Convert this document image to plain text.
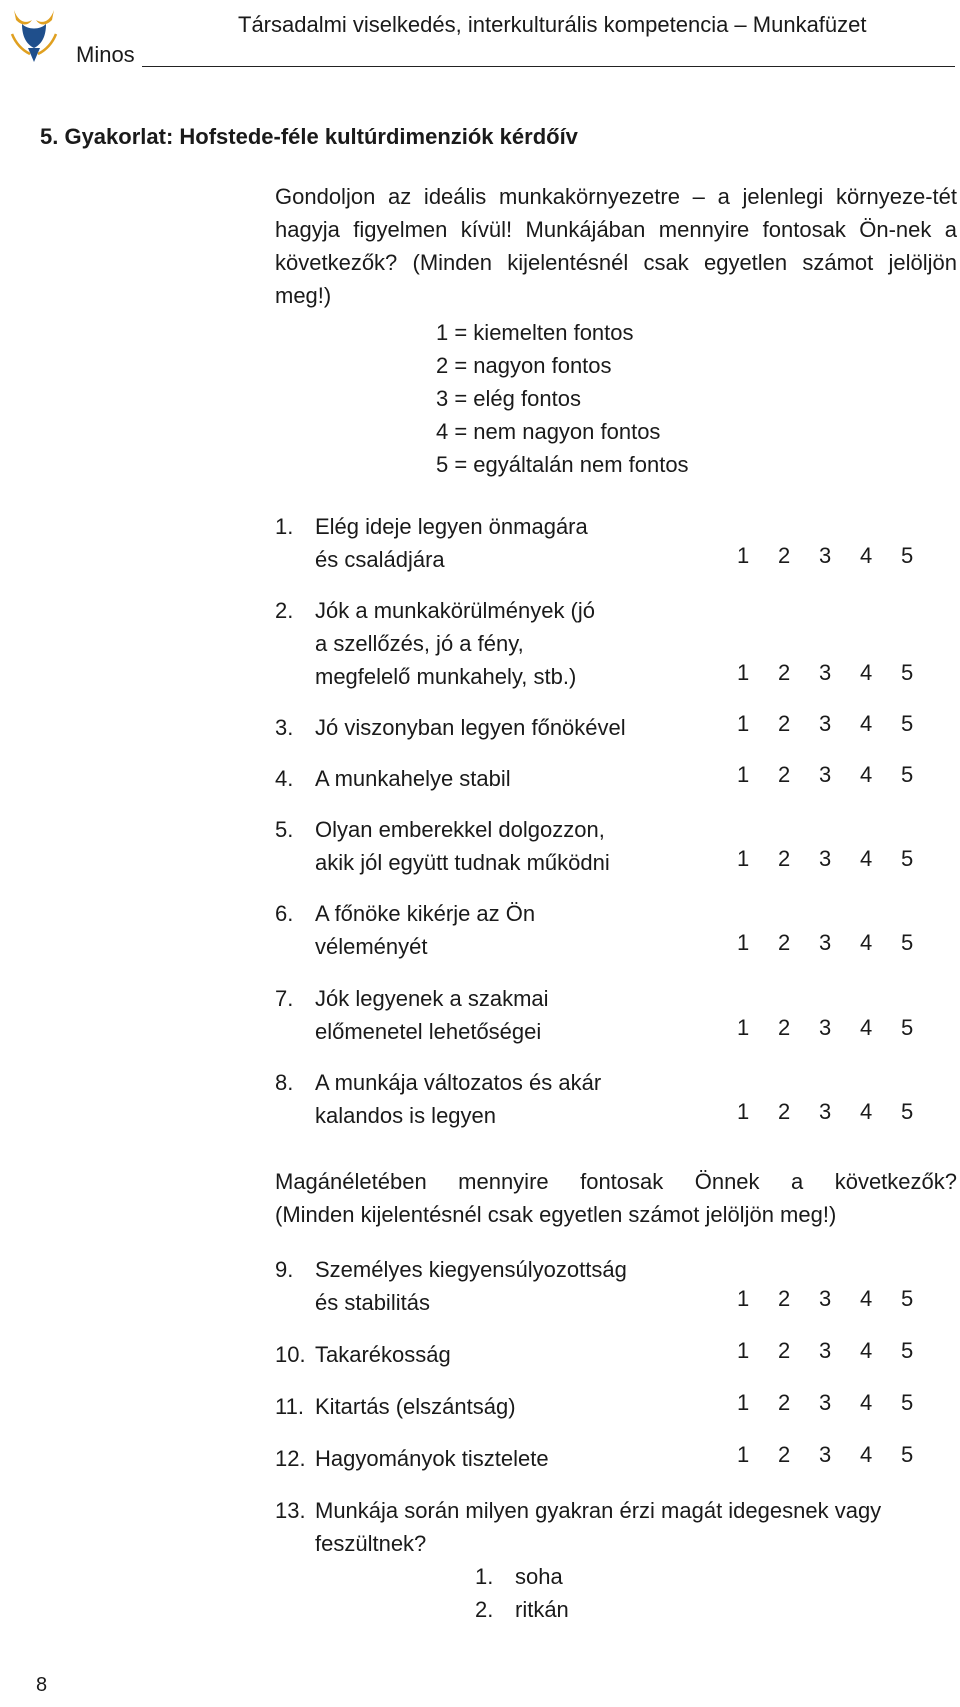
Társadalmi viselkedés, interkulturális kompetencia – Munkafüzet
Minos
5. Gyakorlat: Hofstede-féle kultúrdimenziók kérdőív

Gondoljon az ideális munkakörnyezetre – a jelenlegi környeze-tét hagyja figyelmen kívül! Munkájában mennyire fontosak Ön-nek a következők? (Minden kijelentésnél csak egyetlen számot jelöljön meg!)

1 = kiemelten fontos
2 = nagyon fontos
3 = elég fontos
4 = nem nagyon fontos
5 = egyáltalán nem fontos
1. Elég ideje legyen önmagára
és családjára	1 2 3 4 5
2. Jók a munkakörülmények (jó
a szellőzés, jó a fény,
megfelelő munkahely, stb.)	1 2 3 4 5
3. Jó viszonyban legyen főnökével	1 2 3 4 5
4. A munkahelye stabil	1 2 3 4 5
5. Olyan emberekkel dolgozzon,
akik jól együtt tudnak működni	1 2 3 4 5
6. A főnöke kikérje az Ön
véleményét	1 2 3 4 5
7. Jók legyenek a szakmai
előmenetel lehetőségei	1 2 3 4 5
8. A munkája változatos és akár
kalandos is legyen	1 2 3 4 5
Magánéletében mennyire fontosak Önnek a következők?
(Minden kijelentésnél csak egyetlen számot jelöljön meg!)
9. Személyes kiegyensúlyozottság
és stabilitás	1 2 3 4 5
10. Takarékosság	1 2 3 4 5
11. Kitartás (elszántság)	1 2 3 4 5
12. Hagyományok tisztelete	1 2 3 4 5
13. Munkája során milyen gyakran érzi magát idegesnek vagy
feszültnek?
1. soha
2. ritkán
8
